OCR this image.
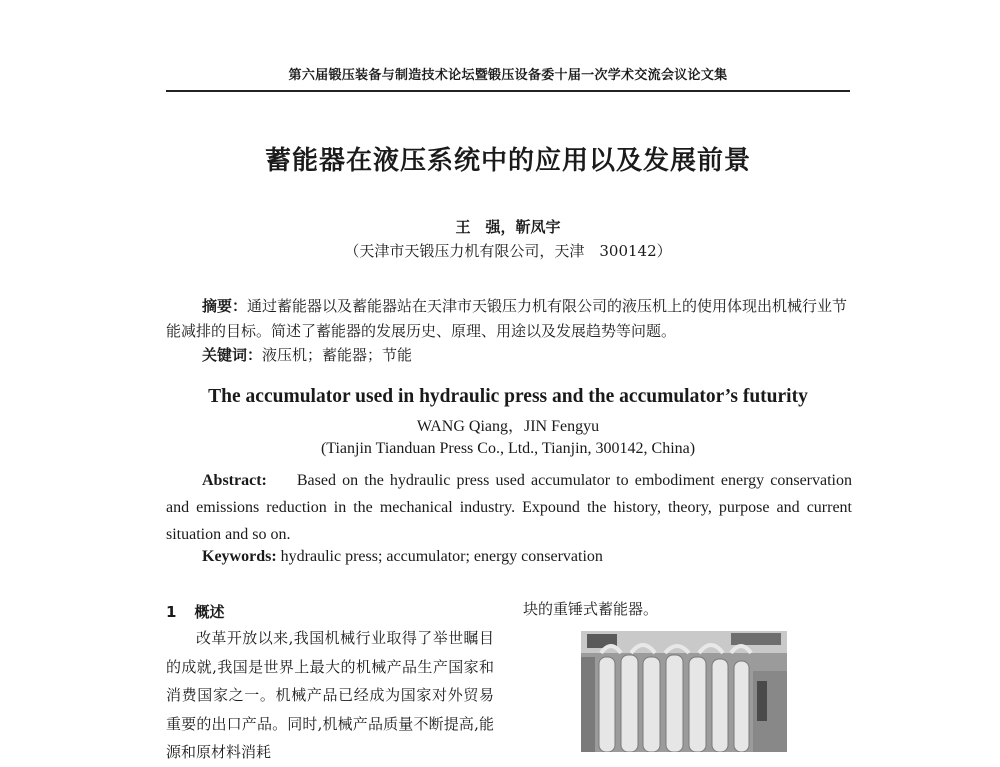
第六届锻压装备与制造技术论坛暨锻压设备委十届一次学术交流会议论文集
蓄能器在液压系统中的应用以及发展前景
王　强，靳凤宇
（天津市天锻压力机有限公司，天津　300142）
摘要：通过蓄能器以及蓄能器站在天津市天锻压力机有限公司的液压机上的使用体现出机械行业节能减排的目标。简述了蓄能器的发展历史、原理、用途以及发展趋势等问题。
关键词：液压机；蓄能器；节能
The accumulator used in hydraulic press and the accumulator’s futurity
WANG Qiang，JIN Fengyu
(Tianjin Tianduan Press Co., Ltd., Tianjin, 300142, China)
Abstract: Based on the hydraulic press used accumulator to embodiment energy conservation and emissions reduction in the mechanical industry. Expound the history, theory, purpose and current situation and so on.
Keywords: hydraulic press; accumulator; energy conservation
1 概述
改革开放以来,我国机械行业取得了举世瞩目的成就,我国是世界上最大的机械产品生产国家和消费国家之一。机械产品已经成为国家对外贸易重要的出口产品。同时,机械产品质量不断提高,能源和原材料消耗
块的重锤式蓄能器。
